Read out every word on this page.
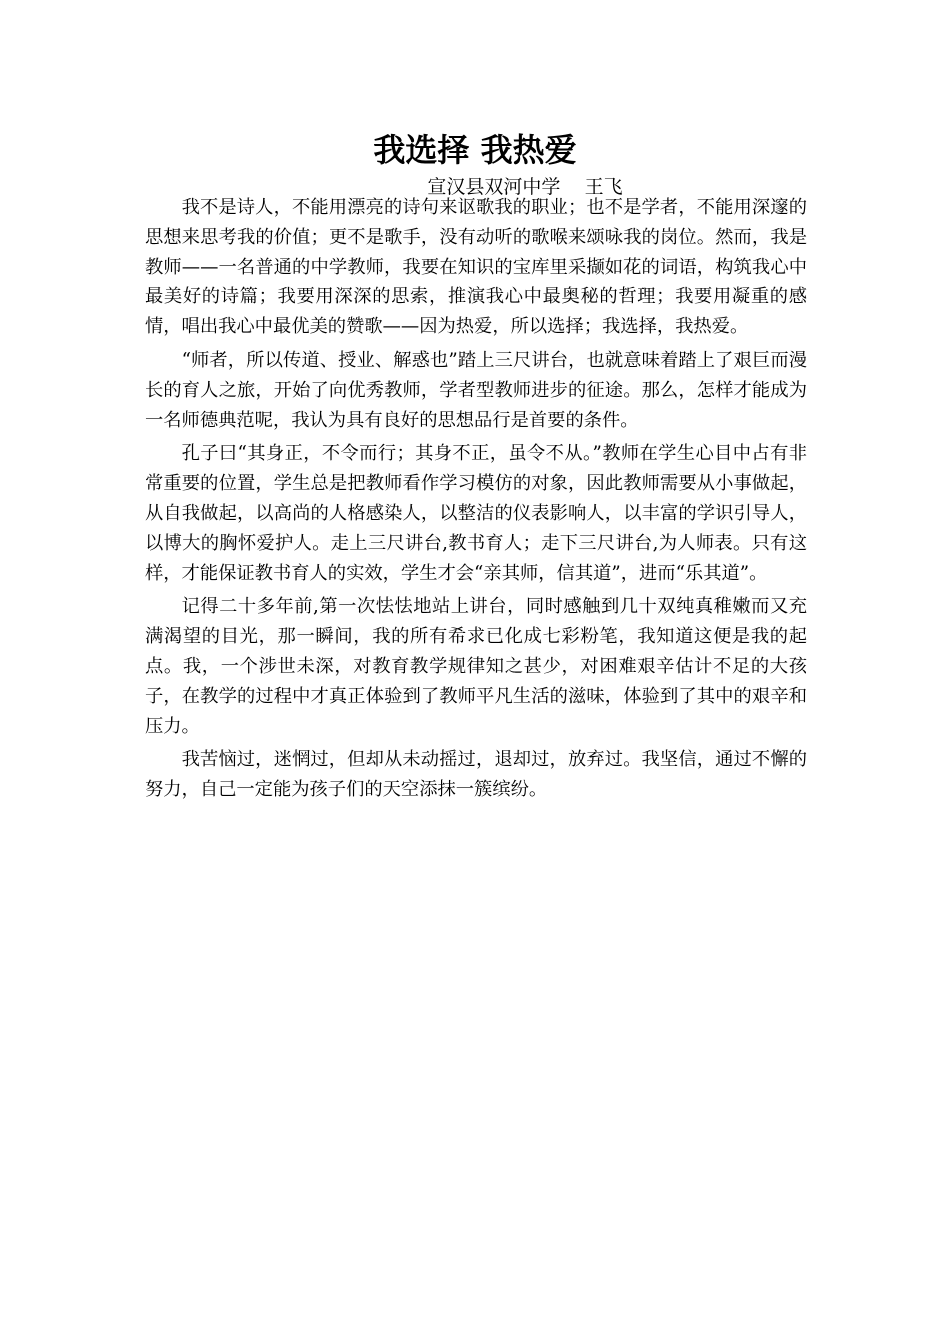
我选择 我热爱

宣汉县双河中学    王飞

我不是诗人，不能用漂亮的诗句来讴歌我的职业；也不是学者，不能用深邃的思想来思考我的价值；更不是歌手，没有动听的歌喉来颂咏我的岗位。然而，我是教师——一名普通的中学教师，我要在知识的宝库里采撷如花的词语，构筑我心中最美好的诗篇；我要用深深的思索，推演我心中最奥秘的哲理；我要用凝重的感情，唱出我心中最优美的赞歌——因为热爱，所以选择；我选择，我热爱。

“师者，所以传道、授业、解惑也”踏上三尺讲台，也就意味着踏上了艰巨而漫长的育人之旅，开始了向优秀教师，学者型教师进步的征途。那么，怎样才能成为一名师德典范呢，我认为具有良好的思想品行是首要的条件。

孔子曰“其身正，不令而行；其身不正，虽令不从。”教师在学生心目中占有非常重要的位置，学生总是把教师看作学习模仿的对象，因此教师需要从小事做起，从自我做起，以高尚的人格感染人，以整洁的仪表影响人，以丰富的学识引导人，以博大的胸怀爱护人。走上三尺讲台,教书育人；走下三尺讲台,为人师表。只有这样，才能保证教书育人的实效，学生才会“亲其师，信其道”，进而“乐其道”。

记得二十多年前,第一次怯怯地站上讲台，同时感触到几十双纯真稚嫩而又充满渴望的目光，那一瞬间，我的所有希求已化成七彩粉笔，我知道这便是我的起点。我，一个涉世未深，对教育教学规律知之甚少，对困难艰辛估计不足的大孩子，在教学的过程中才真正体验到了教师平凡生活的滋味，体验到了其中的艰辛和压力。

我苦恼过，迷惘过，但却从未动摇过，退却过，放弃过。我坚信，通过不懈的努力，自己一定能为孩子们的天空添抹一簇缤纷。
